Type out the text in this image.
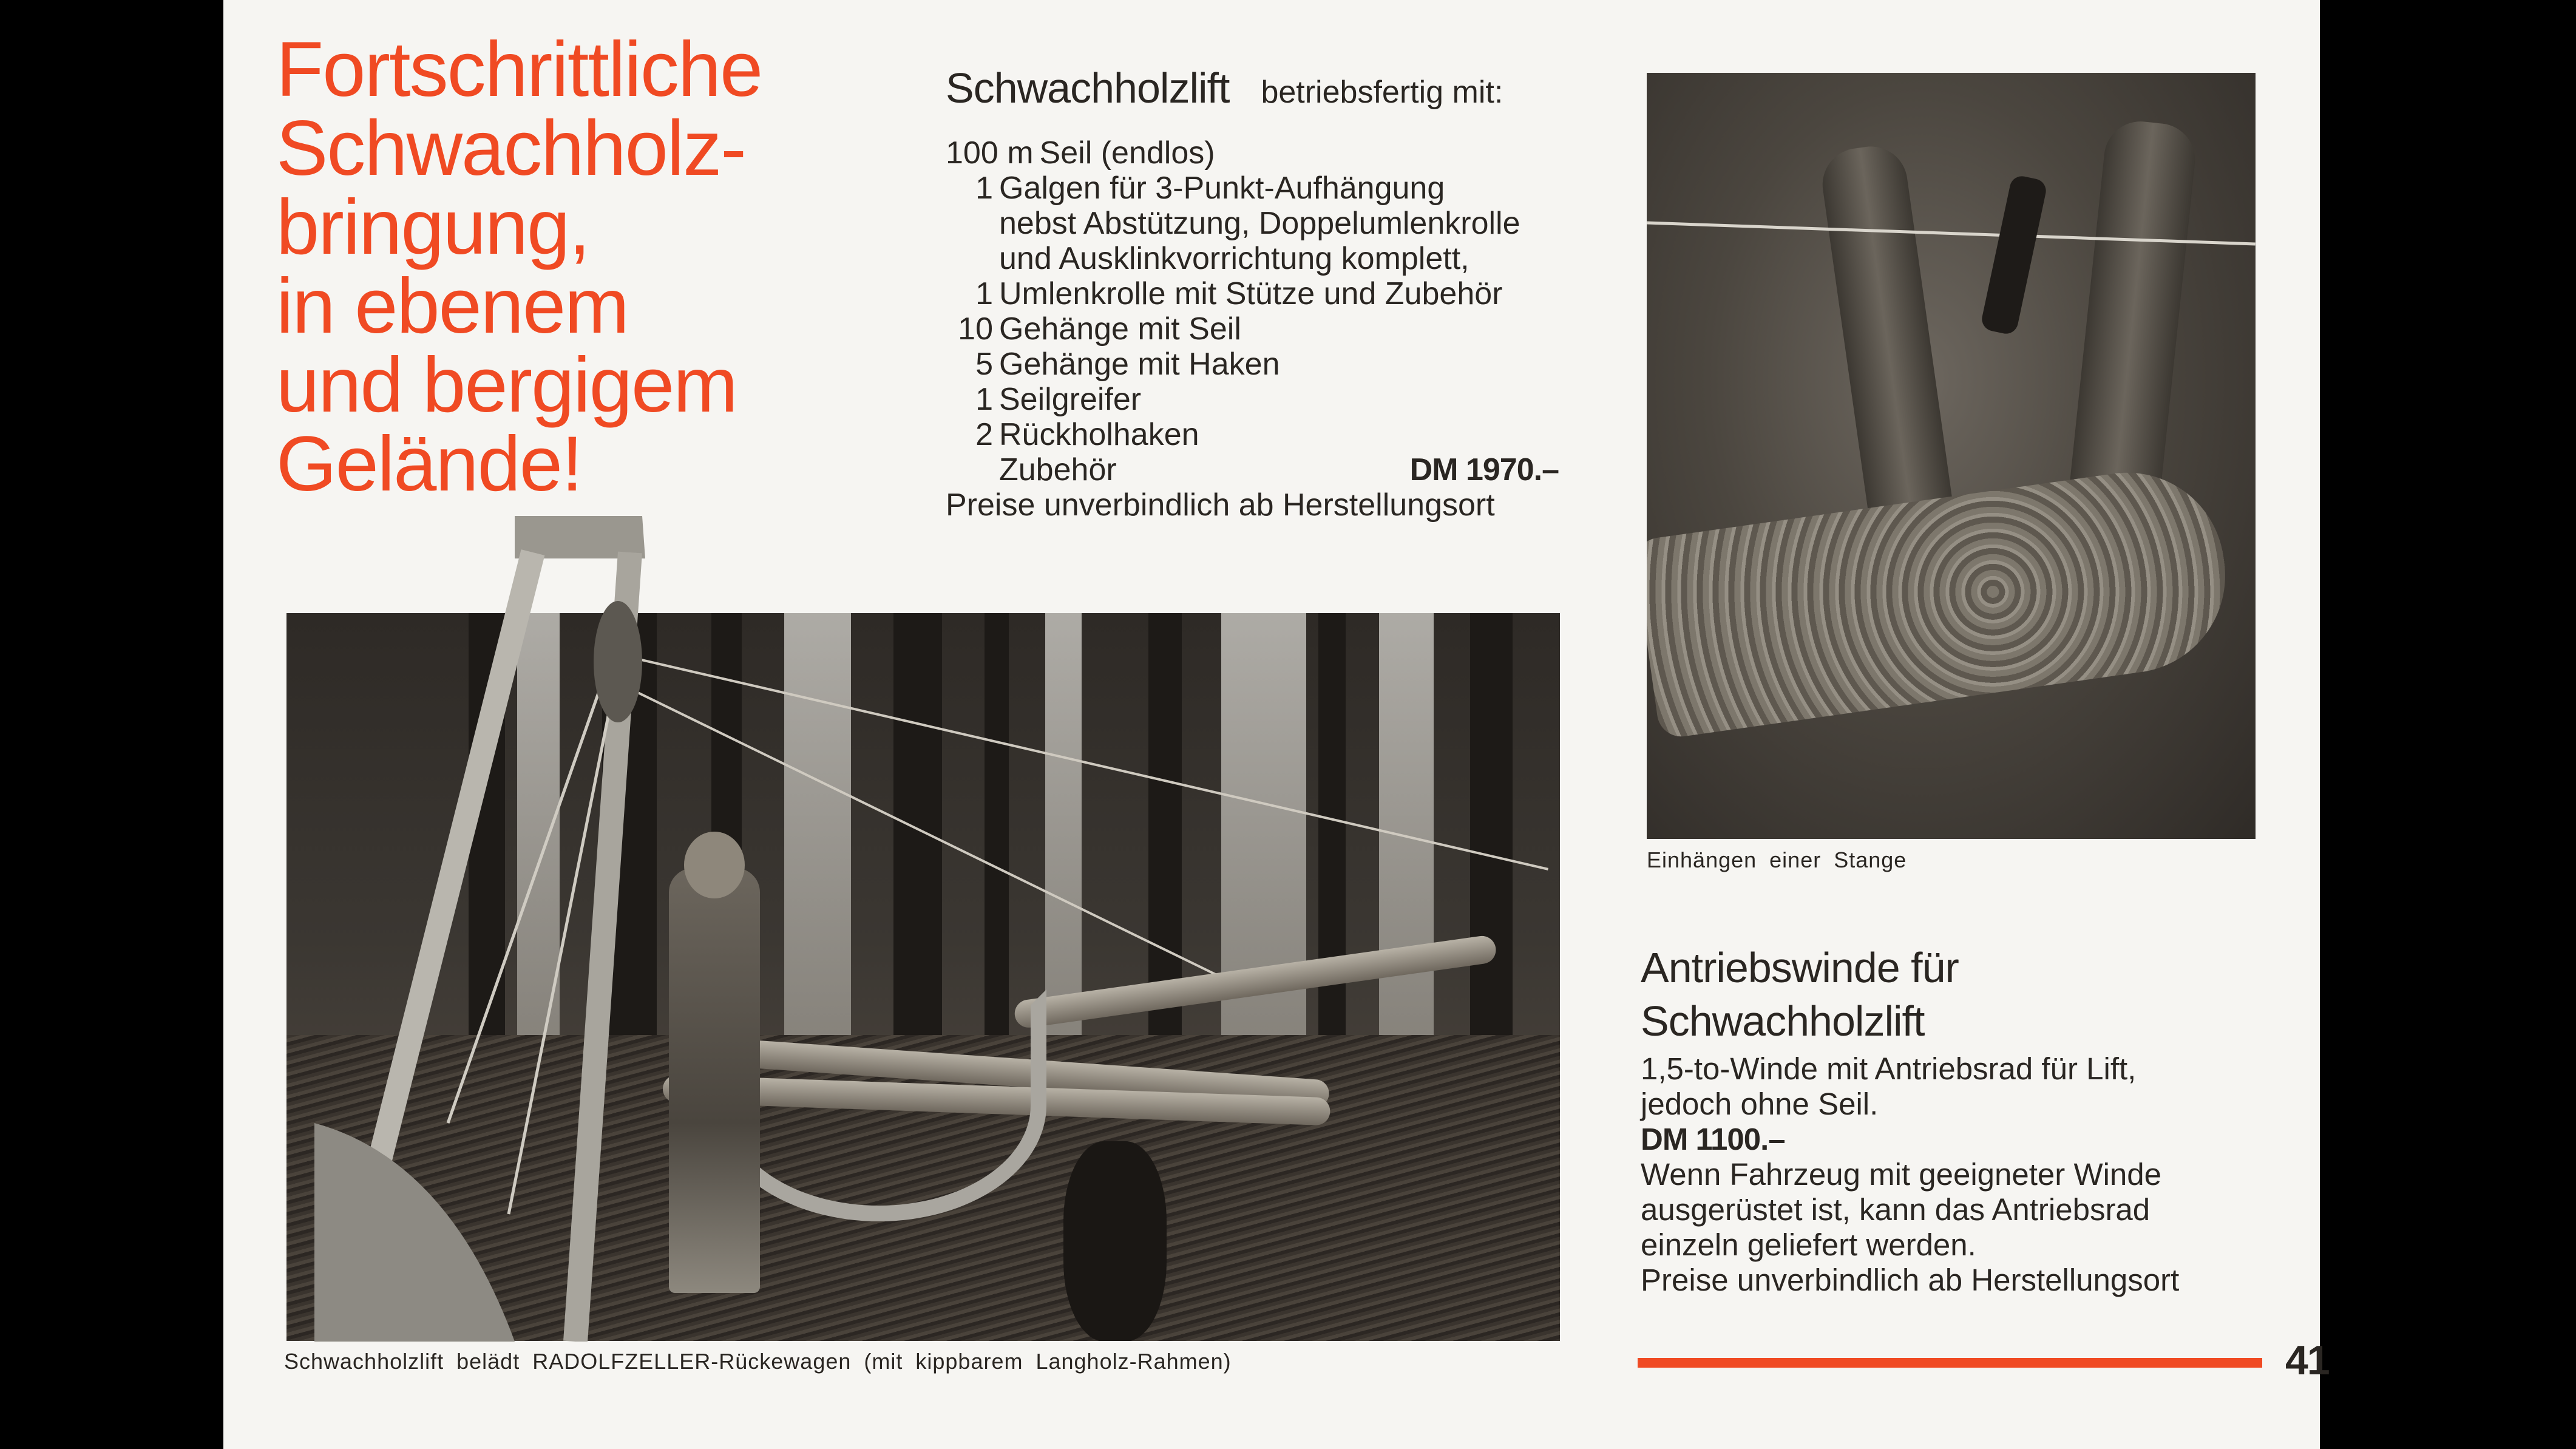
Fortschrittliche
Schwachholz-
bringung,
in ebenem
und bergigem
Gelände!
Schwachholzlift betriebsfertig mit:
100 m Seil (endlos)
1 Galgen für 3-Punkt-Aufhängung
nebst Abstützung, Doppelumlenkrolle
und Ausklinkvorrichtung komplett,
1 Umlenkrolle mit Stütze und Zubehör
10 Gehänge mit Seil
5 Gehänge mit Haken
1 Seilgreifer
2 Rückholhaken
Zubehör	DM 1970.–
Preise unverbindlich ab Herstellungsort
Schwachholzlift belädt RADOLFZELLER-Rückewagen (mit kippbarem Langholz-Rahmen)
Einhängen einer Stange
Antriebswinde für
Schwachholzlift
1,5-to-Winde mit Antriebsrad für Lift,
jedoch ohne Seil.
DM 1100.–
Wenn Fahrzeug mit geeigneter Winde
ausgerüstet ist, kann das Antriebsrad
einzeln geliefert werden.
Preise unverbindlich ab Herstellungsort
41
